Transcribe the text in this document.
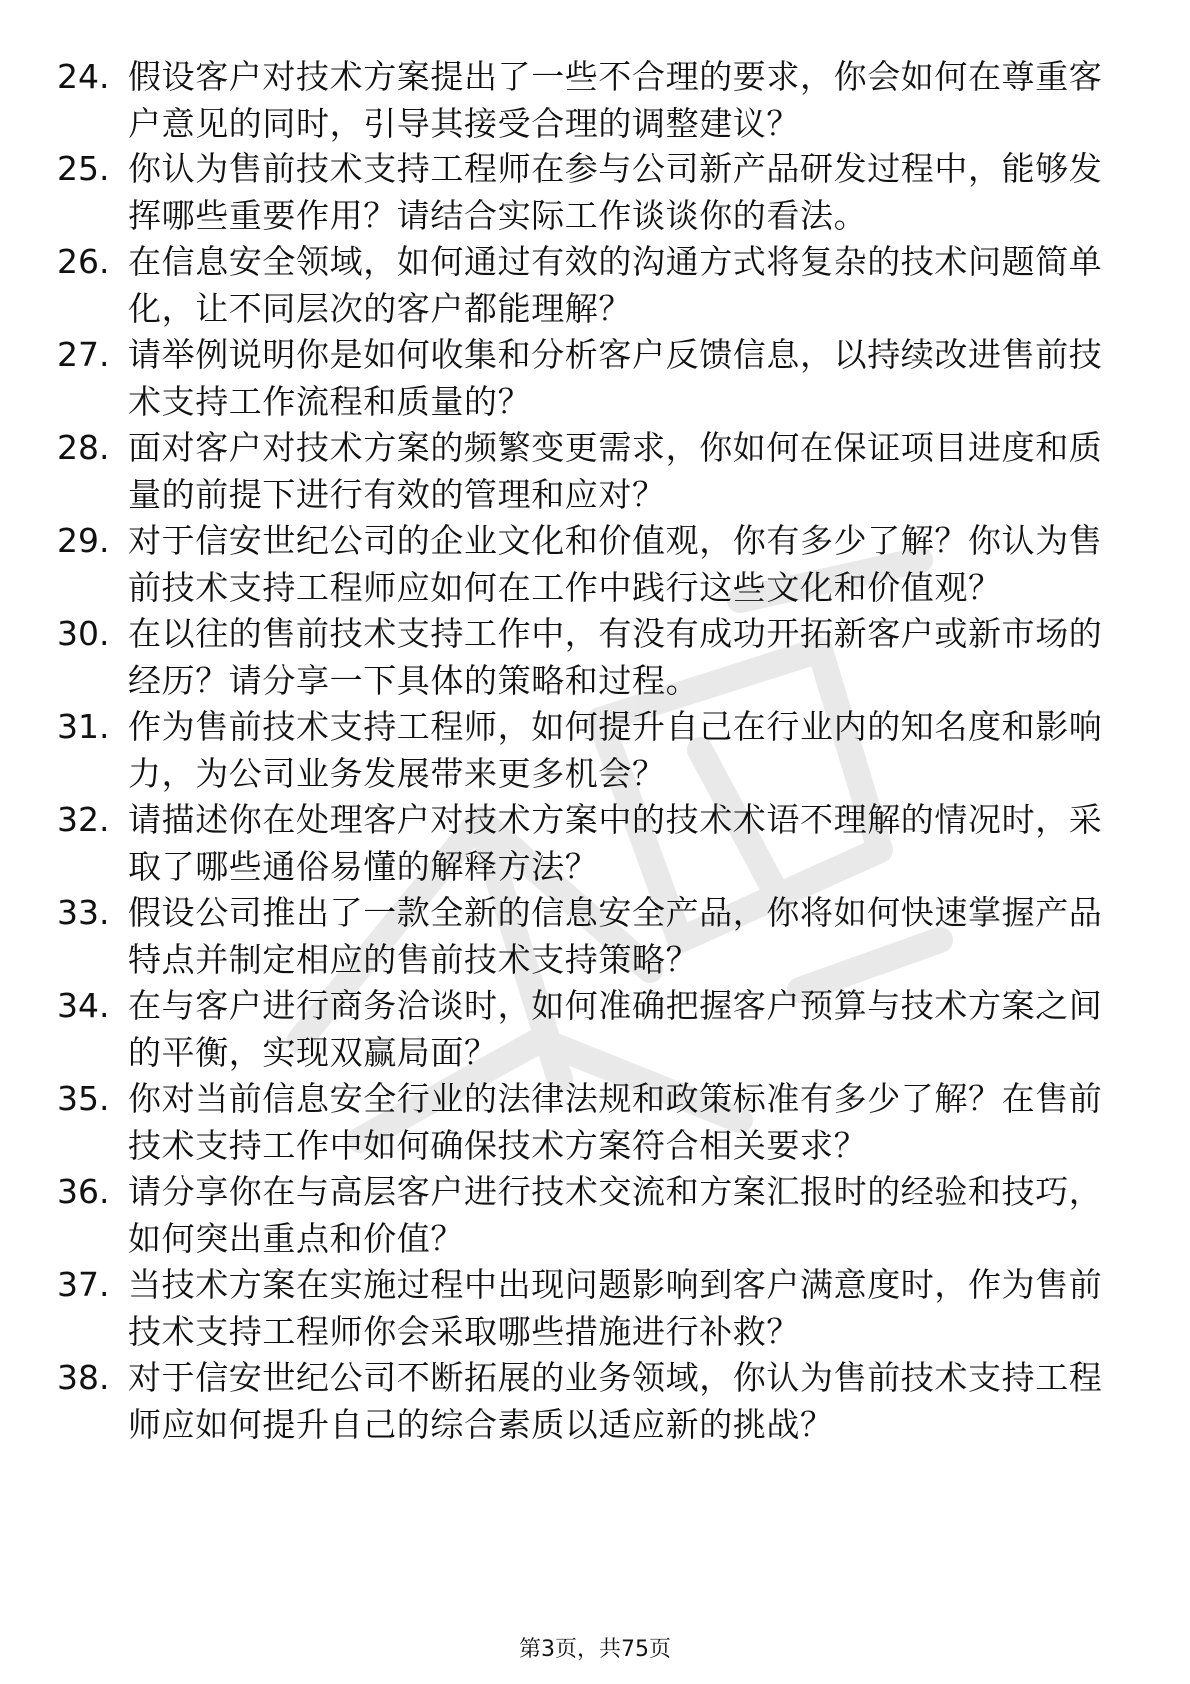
24. 假设客户对技术方案提出了一些不合理的要求，你会如何在尊重客户意见的同时，引导其接受合理的调整建议？
25. 你认为售前技术支持工程师在参与公司新产品研发过程中，能够发挥哪些重要作用？请结合实际工作谈谈你的看法。
26. 在信息安全领域，如何通过有效的沟通方式将复杂的技术问题简单化，让不同层次的客户都能理解？
27. 请举例说明你是如何收集和分析客户反馈信息，以持续改进售前技术支持工作流程和质量的？
28. 面对客户对技术方案的频繁变更需求，你如何在保证项目进度和质量的前提下进行有效的管理和应对？
29. 对于信安世纪公司的企业文化和价值观，你有多少了解？你认为售前技术支持工程师应如何在工作中践行这些文化和价值观？
30. 在以往的售前技术支持工作中，有没有成功开拓新客户或新市场的经历？请分享一下具体的策略和过程。
31. 作为售前技术支持工程师，如何提升自己在行业内的知名度和影响力，为公司业务发展带来更多机会？
32. 请描述你在处理客户对技术方案中的技术术语不理解的情况时，采取了哪些通俗易懂的解释方法？
33. 假设公司推出了一款全新的信息安全产品，你将如何快速掌握产品特点并制定相应的售前技术支持策略？
34. 在与客户进行商务洽谈时，如何准确把握客户预算与技术方案之间的平衡，实现双赢局面？
35. 你对当前信息安全行业的法律法规和政策标准有多少了解？在售前技术支持工作中如何确保技术方案符合相关要求？
36. 请分享你在与高层客户进行技术交流和方案汇报时的经验和技巧，如何突出重点和价值？
37. 当技术方案在实施过程中出现问题影响到客户满意度时，作为售前技术支持工程师你会采取哪些措施进行补救？
38. 对于信安世纪公司不断拓展的业务领域，你认为售前技术支持工程师应如何提升自己的综合素质以适应新的挑战？
第3页，共75页
